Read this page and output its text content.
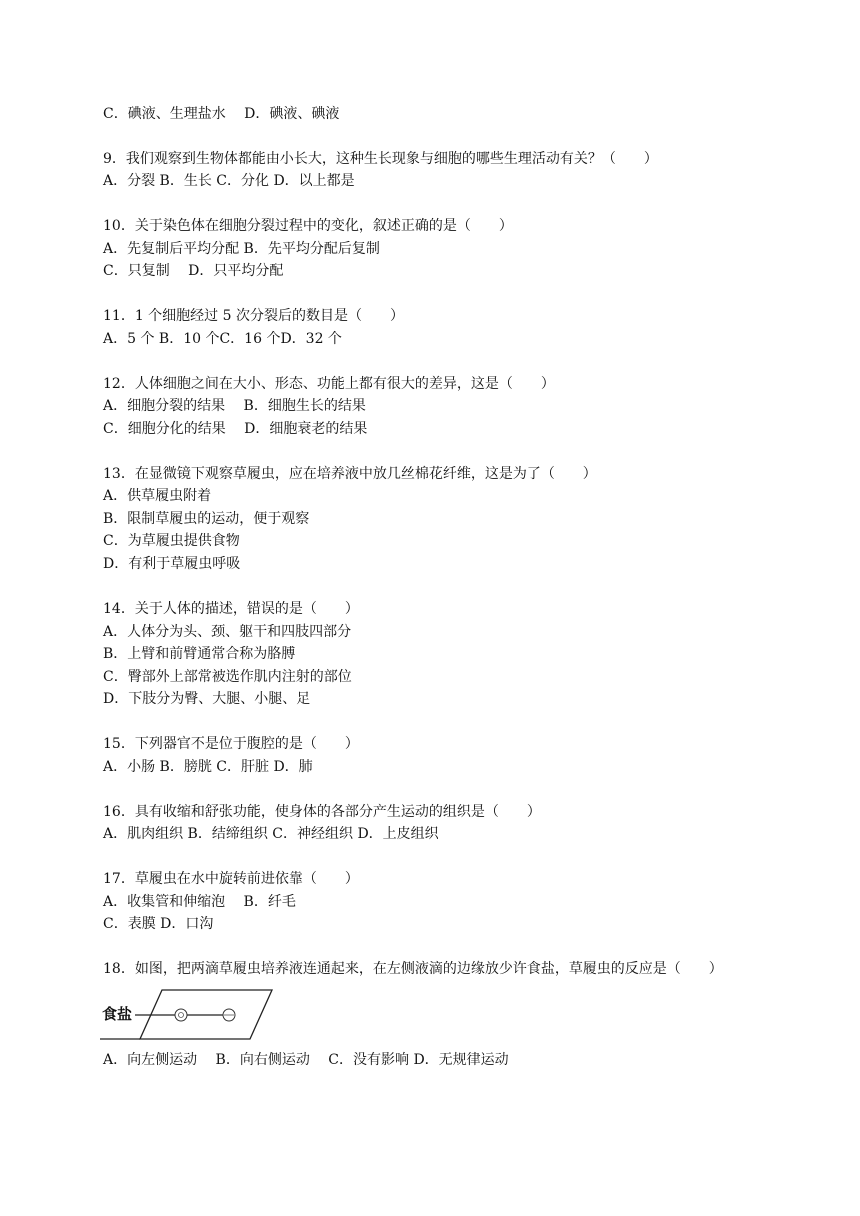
C．碘液、生理盐水　 D．碘液、碘液
9．我们观察到生物体都能由小长大，这种生长现象与细胞的哪些生理活动有关？（　　）
A．分裂 B．生长 C．分化 D．以上都是
10．关于染色体在细胞分裂过程中的变化，叙述正确的是（　　）
A．先复制后平均分配 B．先平均分配后复制
C．只复制　 D．只平均分配
11．1 个细胞经过 5 次分裂后的数目是（　　）
A．5 个 B．10 个C．16 个D．32 个
12．人体细胞之间在大小、形态、功能上都有很大的差异，这是（　　）
A．细胞分裂的结果　 B．细胞生长的结果
C．细胞分化的结果　 D．细胞衰老的结果
13．在显微镜下观察草履虫，应在培养液中放几丝棉花纤维，这是为了（　　）
A．供草履虫附着
B．限制草履虫的运动，便于观察
C．为草履虫提供食物
D．有利于草履虫呼吸
14．关于人体的描述，错误的是（　　）
A．人体分为头、颈、躯干和四肢四部分
B．上臂和前臂通常合称为胳膊
C．臀部外上部常被选作肌内注射的部位
D．下肢分为臀、大腿、小腿、足
15．下列器官不是位于腹腔的是（　　）
A．小肠 B．膀胱 C．肝脏 D．肺
16．具有收缩和舒张功能，使身体的各部分产生运动的组织是（　　）
A．肌肉组织 B．结缔组织 C．神经组织 D．上皮组织
17．草履虫在水中旋转前进依靠（　　）
A．收集管和伸缩泡　 B．纤毛
C．表膜 D．口沟
18．如图，把两滴草履虫培养液连通起来，在左侧液滴的边缘放少许食盐，草履虫的反应是（　　）
食盐
A．向左侧运动　 B．向右侧运动　 C．没有影响 D．无规律运动
